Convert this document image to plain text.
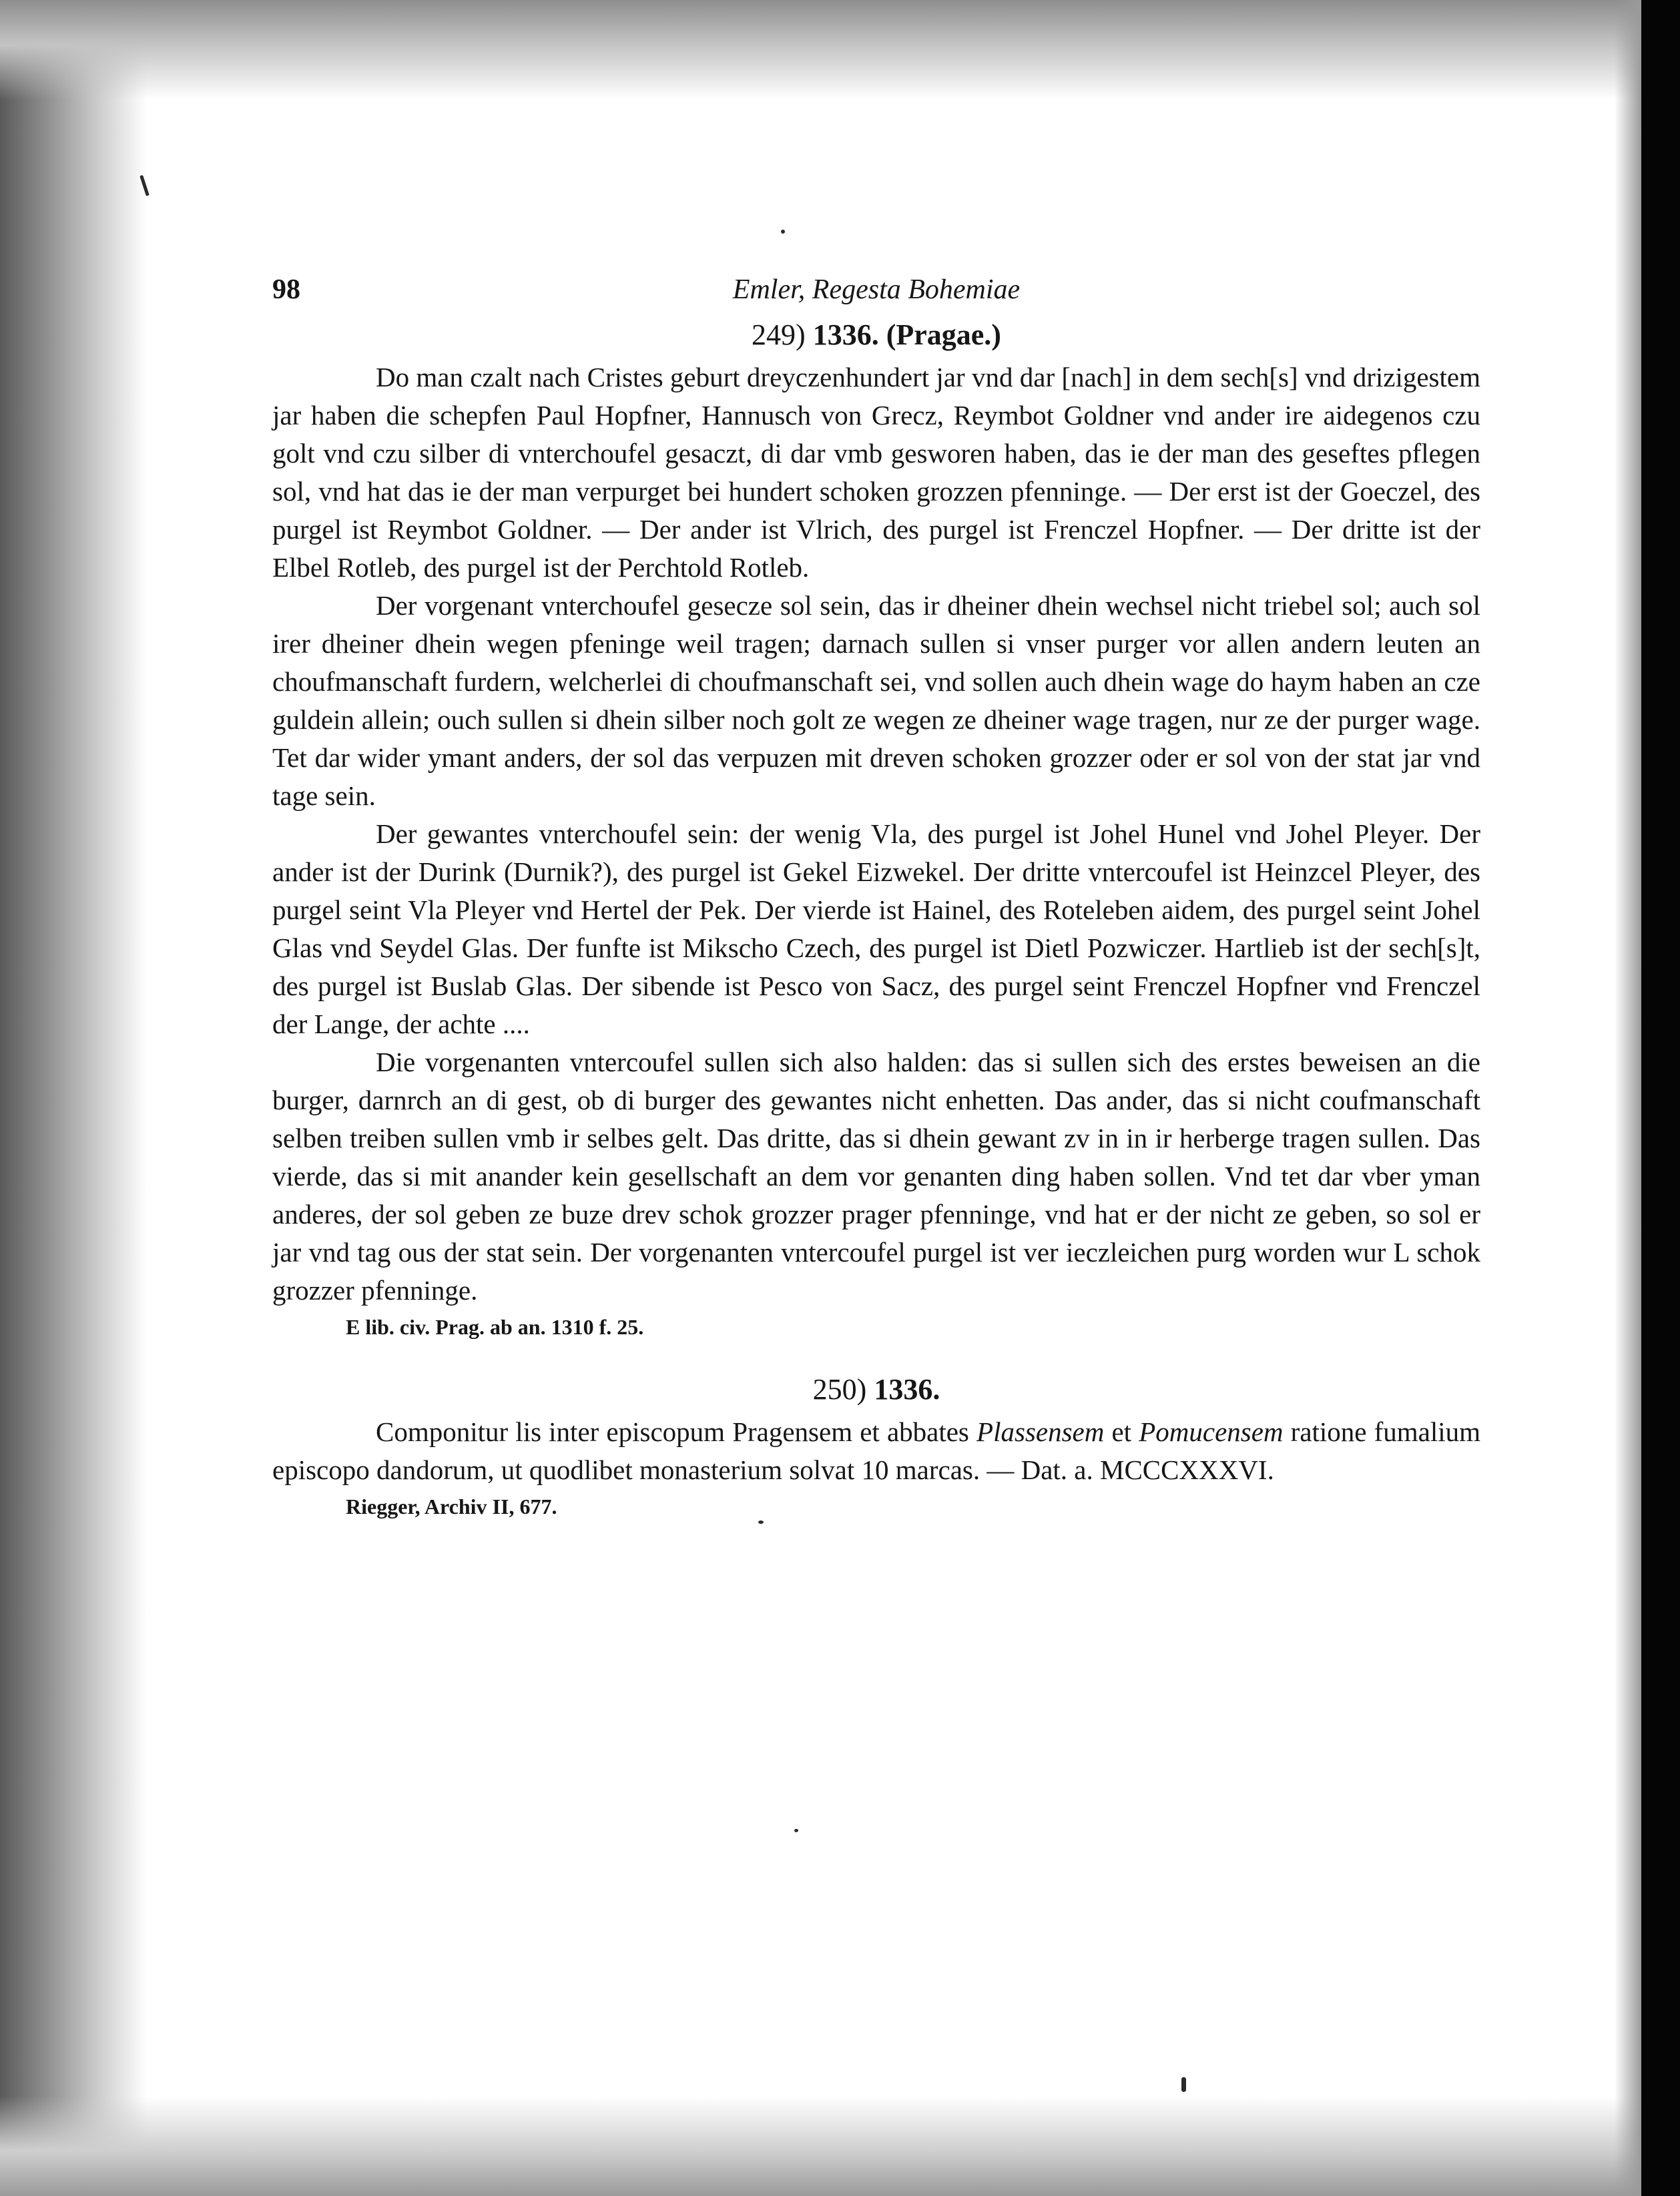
98	Emler, Regesta Bohemiae
249) 1336. (Pragae.)

Do man czalt nach Cristes geburt dreyczenhundert jar vnd dar [nach] in dem sech[s] vnd drizigestem jar haben die schepfen Paul Hopfner, Hannusch von Grecz, Reymbot Goldner vnd ander ire aidegenos czu golt vnd czu silber di vnterchoufel gesaczt, di dar vmb gesworen haben, das ie der man des geseftes pflegen sol, vnd hat das ie der man verpurget bei hundert schoken grozzen pfenninge. — Der erst ist der Goeczel, des purgel ist Reymbot Goldner. — Der ander ist Vlrich, des purgel ist Frenczel Hopfner. — Der dritte ist der Elbel Rotleb, des purgel ist der Perchtold Rotleb.

Der vorgenant vnterchoufel gesecze sol sein, das ir dheiner dhein wechsel nicht triebel sol; auch sol irer dheiner dhein wegen pfeninge weil tragen; darnach sullen si vnser purger vor allen andern leuten an choufmanschaft furdern, welcherlei di choufmanschaft sei, vnd sollen auch dhein wage do haym haben an cze guldein allein; ouch sullen si dhein silber noch golt ze wegen ze dheiner wage tragen, nur ze der purger wage. Tet dar wider ymant anders, der sol das verpuzen mit dreven schoken grozzer oder er sol von der stat jar vnd tage sein.

Der gewantes vnterchoufel sein: der wenig Vla, des purgel ist Johel Hunel vnd Johel Pleyer. Der ander ist der Durink (Durnik?), des purgel ist Gekel Eizwekel. Der dritte vntercoufel ist Heinzcel Pleyer, des purgel seint Vla Pleyer vnd Hertel der Pek. Der vierde ist Hainel, des Roteleben aidem, des purgel seint Johel Glas vnd Seydel Glas. Der funfte ist Mikscho Czech, des purgel ist Dietl Pozwiczer. Hartlieb ist der sech[s]t, des purgel ist Buslab Glas. Der sibende ist Pesco von Sacz, des purgel seint Frenczel Hopfner vnd Frenczel der Lange, der achte ....

Die vorgenanten vntercoufel sullen sich also halden: das si sullen sich des erstes beweisen an die burger, darnrch an di gest, ob di burger des gewantes nicht enhetten. Das ander, das si nicht coufmanschaft selben treiben sullen vmb ir selbes gelt. Das dritte, das si dhein gewant zv in in ir herberge tragen sullen. Das vierde, das si mit anander kein gesellschaft an dem vor genanten ding haben sollen. Vnd tet dar vber yman anderes, der sol geben ze buze drev schok grozzer prager pfenninge, vnd hat er der nicht ze geben, so sol er jar vnd tag ous der stat sein. Der vorgenanten vntercoufel purgel ist ver ieczleichen purg worden wur L schok grozzer pfenninge.

E lib. civ. Prag. ab an. 1310 f. 25.
250) 1336.

Componitur lis inter episcopum Pragensem et abbates Plassensem et Pomucensem ratione fumalium episcopo dandorum, ut quodlibet monasterium solvat 10 marcas. — Dat. a. MCCCXXXVI.

Riegger, Archiv II, 677.
